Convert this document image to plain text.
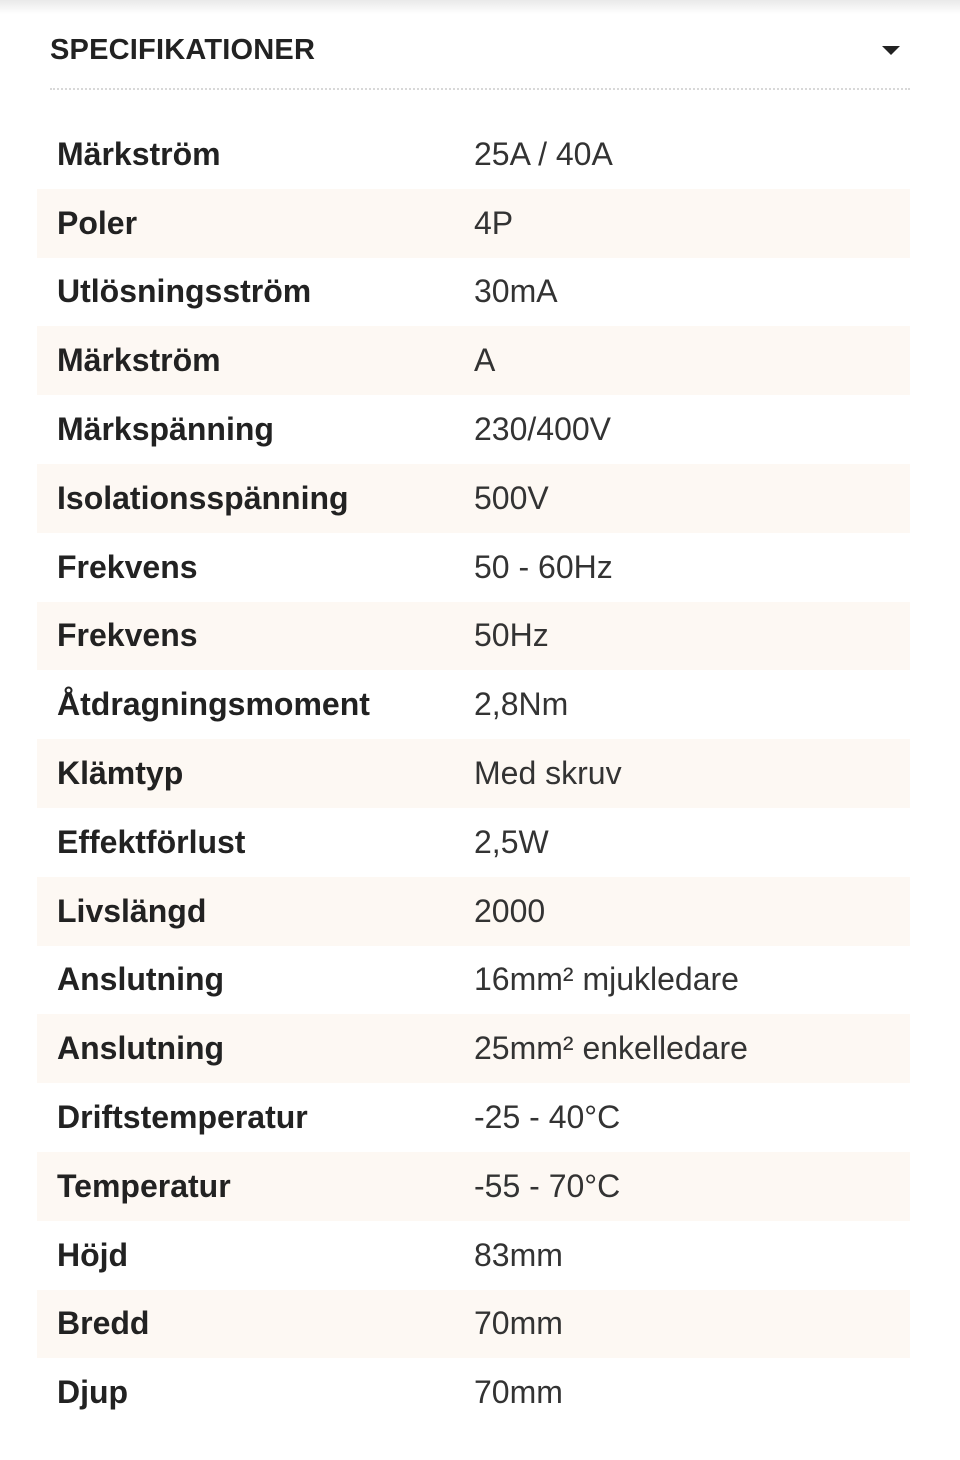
SPECIFIKATIONER
Märkström	25A / 40A
Poler	4P
Utlösningsström	30mA
Märkström	A
Märkspänning	230/400V
Isolationsspänning	500V
Frekvens	50 - 60Hz
Frekvens	50Hz
Åtdragningsmoment	2,8Nm
Klämtyp	Med skruv
Effektförlust	2,5W
Livslängd	2000
Anslutning	16mm² mjukledare
Anslutning	25mm² enkelledare
Driftstemperatur	-25 - 40°C
Temperatur	-55 - 70°C
Höjd	83mm
Bredd	70mm
Djup	70mm
